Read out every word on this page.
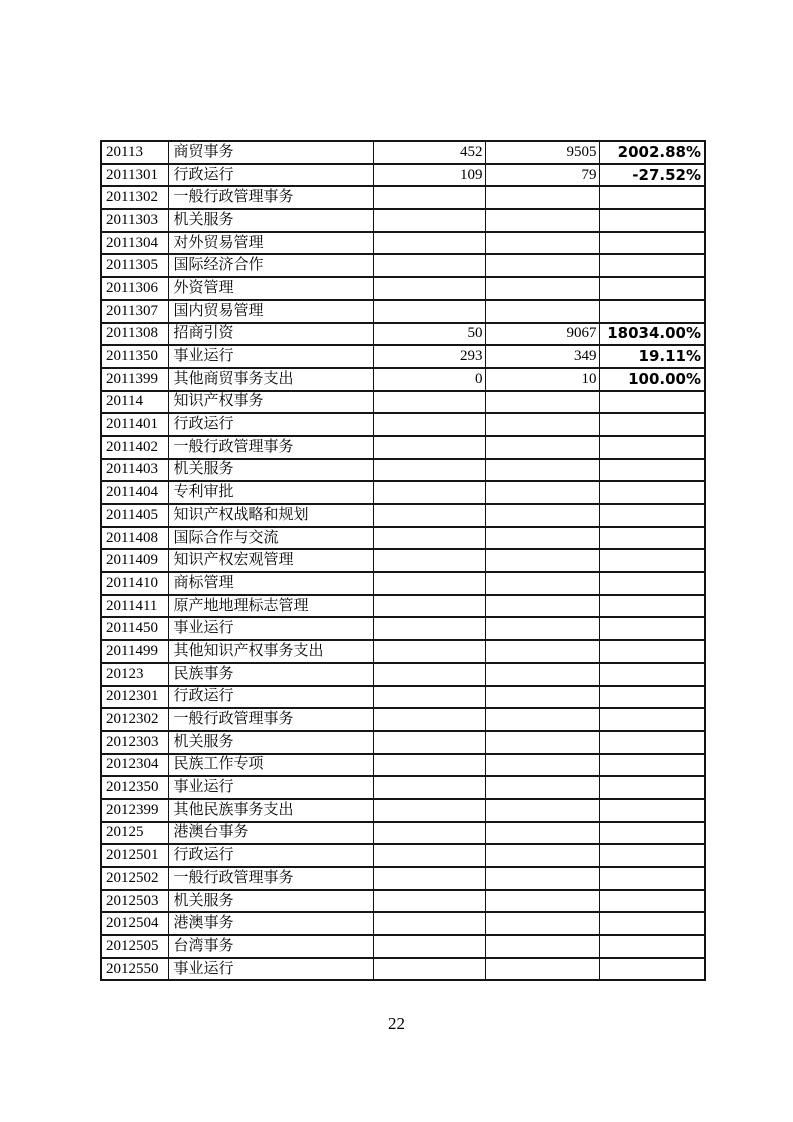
20113	商贸事务	452	9505	2002.88%
2011301	行政运行	109	79	-27.52%
2011302	一般行政管理事务			
2011303	机关服务			
2011304	对外贸易管理			
2011305	国际经济合作			
2011306	外资管理			
2011307	国内贸易管理			
2011308	招商引资	50	9067	18034.00%
2011350	事业运行	293	349	19.11%
2011399	其他商贸事务支出	0	10	100.00%
20114	知识产权事务			
2011401	行政运行			
2011402	一般行政管理事务			
2011403	机关服务			
2011404	专利审批			
2011405	知识产权战略和规划			
2011408	国际合作与交流			
2011409	知识产权宏观管理			
2011410	商标管理			
2011411	原产地地理标志管理			
2011450	事业运行			
2011499	其他知识产权事务支出			
20123	民族事务			
2012301	行政运行			
2012302	一般行政管理事务			
2012303	机关服务			
2012304	民族工作专项			
2012350	事业运行			
2012399	其他民族事务支出			
20125	港澳台事务			
2012501	行政运行			
2012502	一般行政管理事务			
2012503	机关服务			
2012504	港澳事务			
2012505	台湾事务			
2012550	事业运行			
22
